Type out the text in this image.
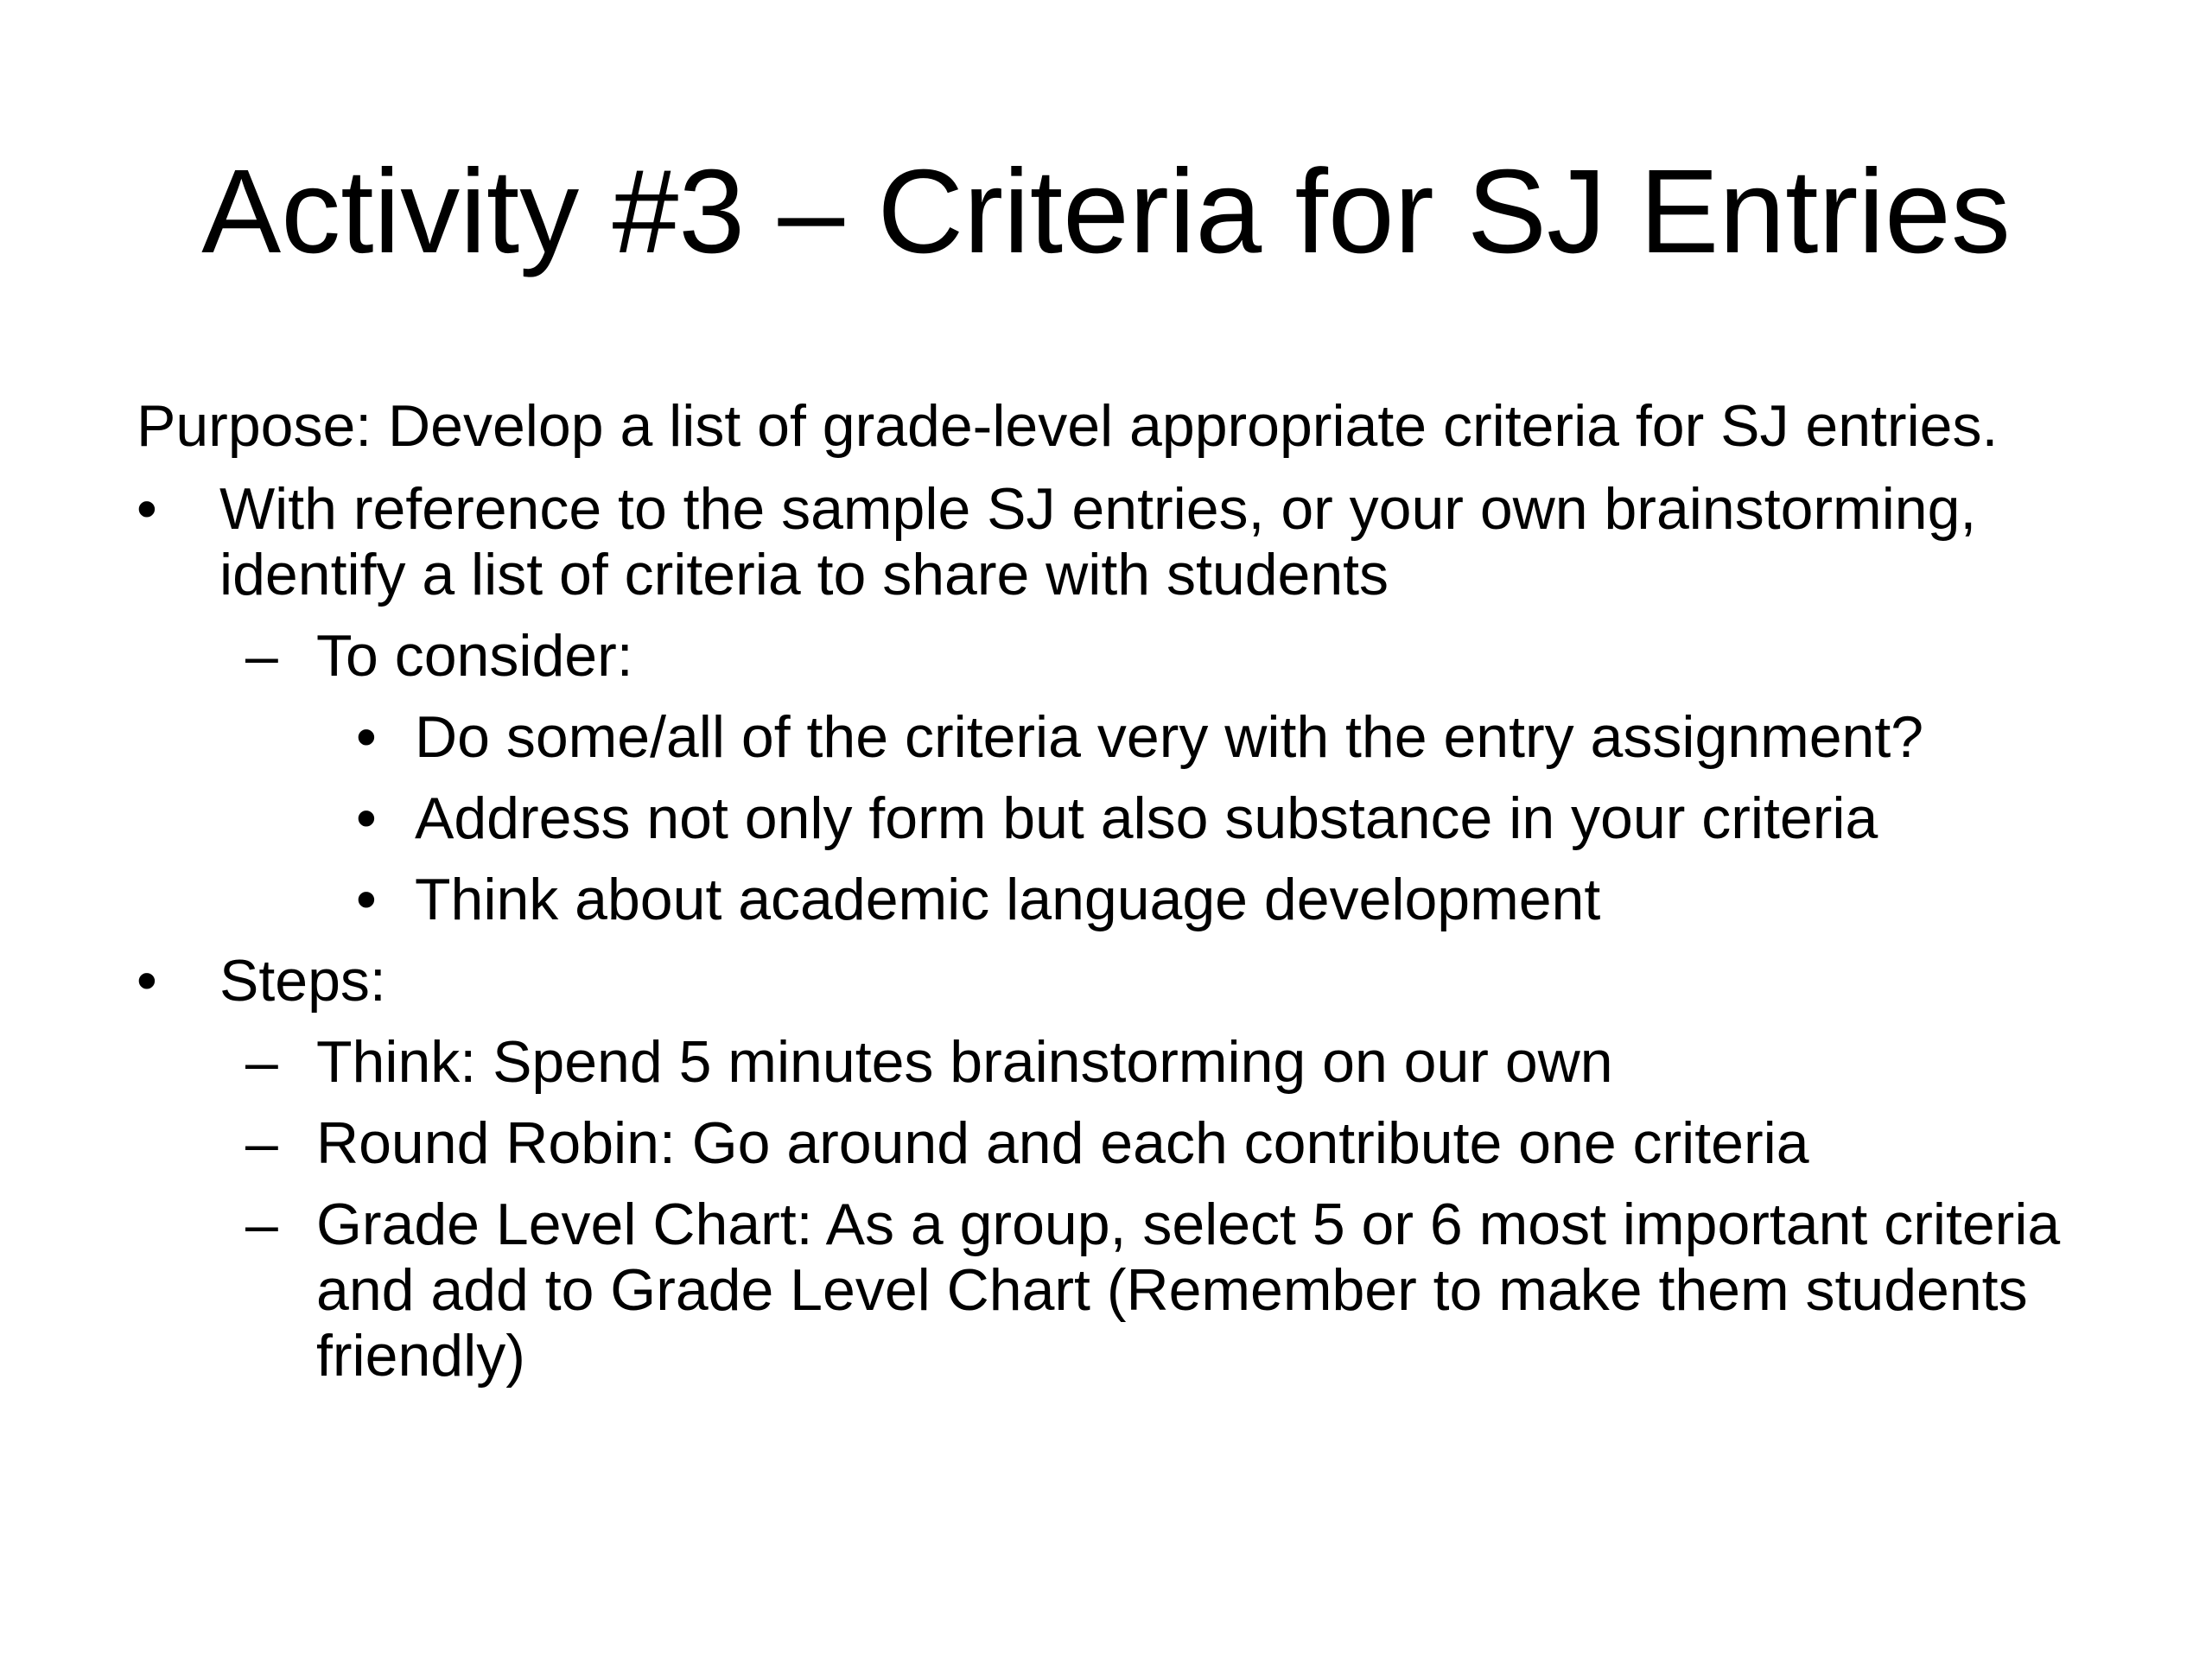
Activity #3 – Criteria for SJ Entries

Purpose: Develop a list of grade-level appropriate criteria for SJ entries.

• With reference to the sample SJ entries, or your own brainstorming, identify a list of criteria to share with students
– To consider:
• Do some/all of the criteria very with the entry assignment?
• Address not only form but also substance in your criteria
• Think about academic language development
• Steps:
– Think: Spend 5 minutes brainstorming on our own
– Round Robin: Go around and each contribute one criteria
– Grade Level Chart: As a group, select 5 or 6 most important criteria and add to Grade Level Chart (Remember to make them students friendly)
